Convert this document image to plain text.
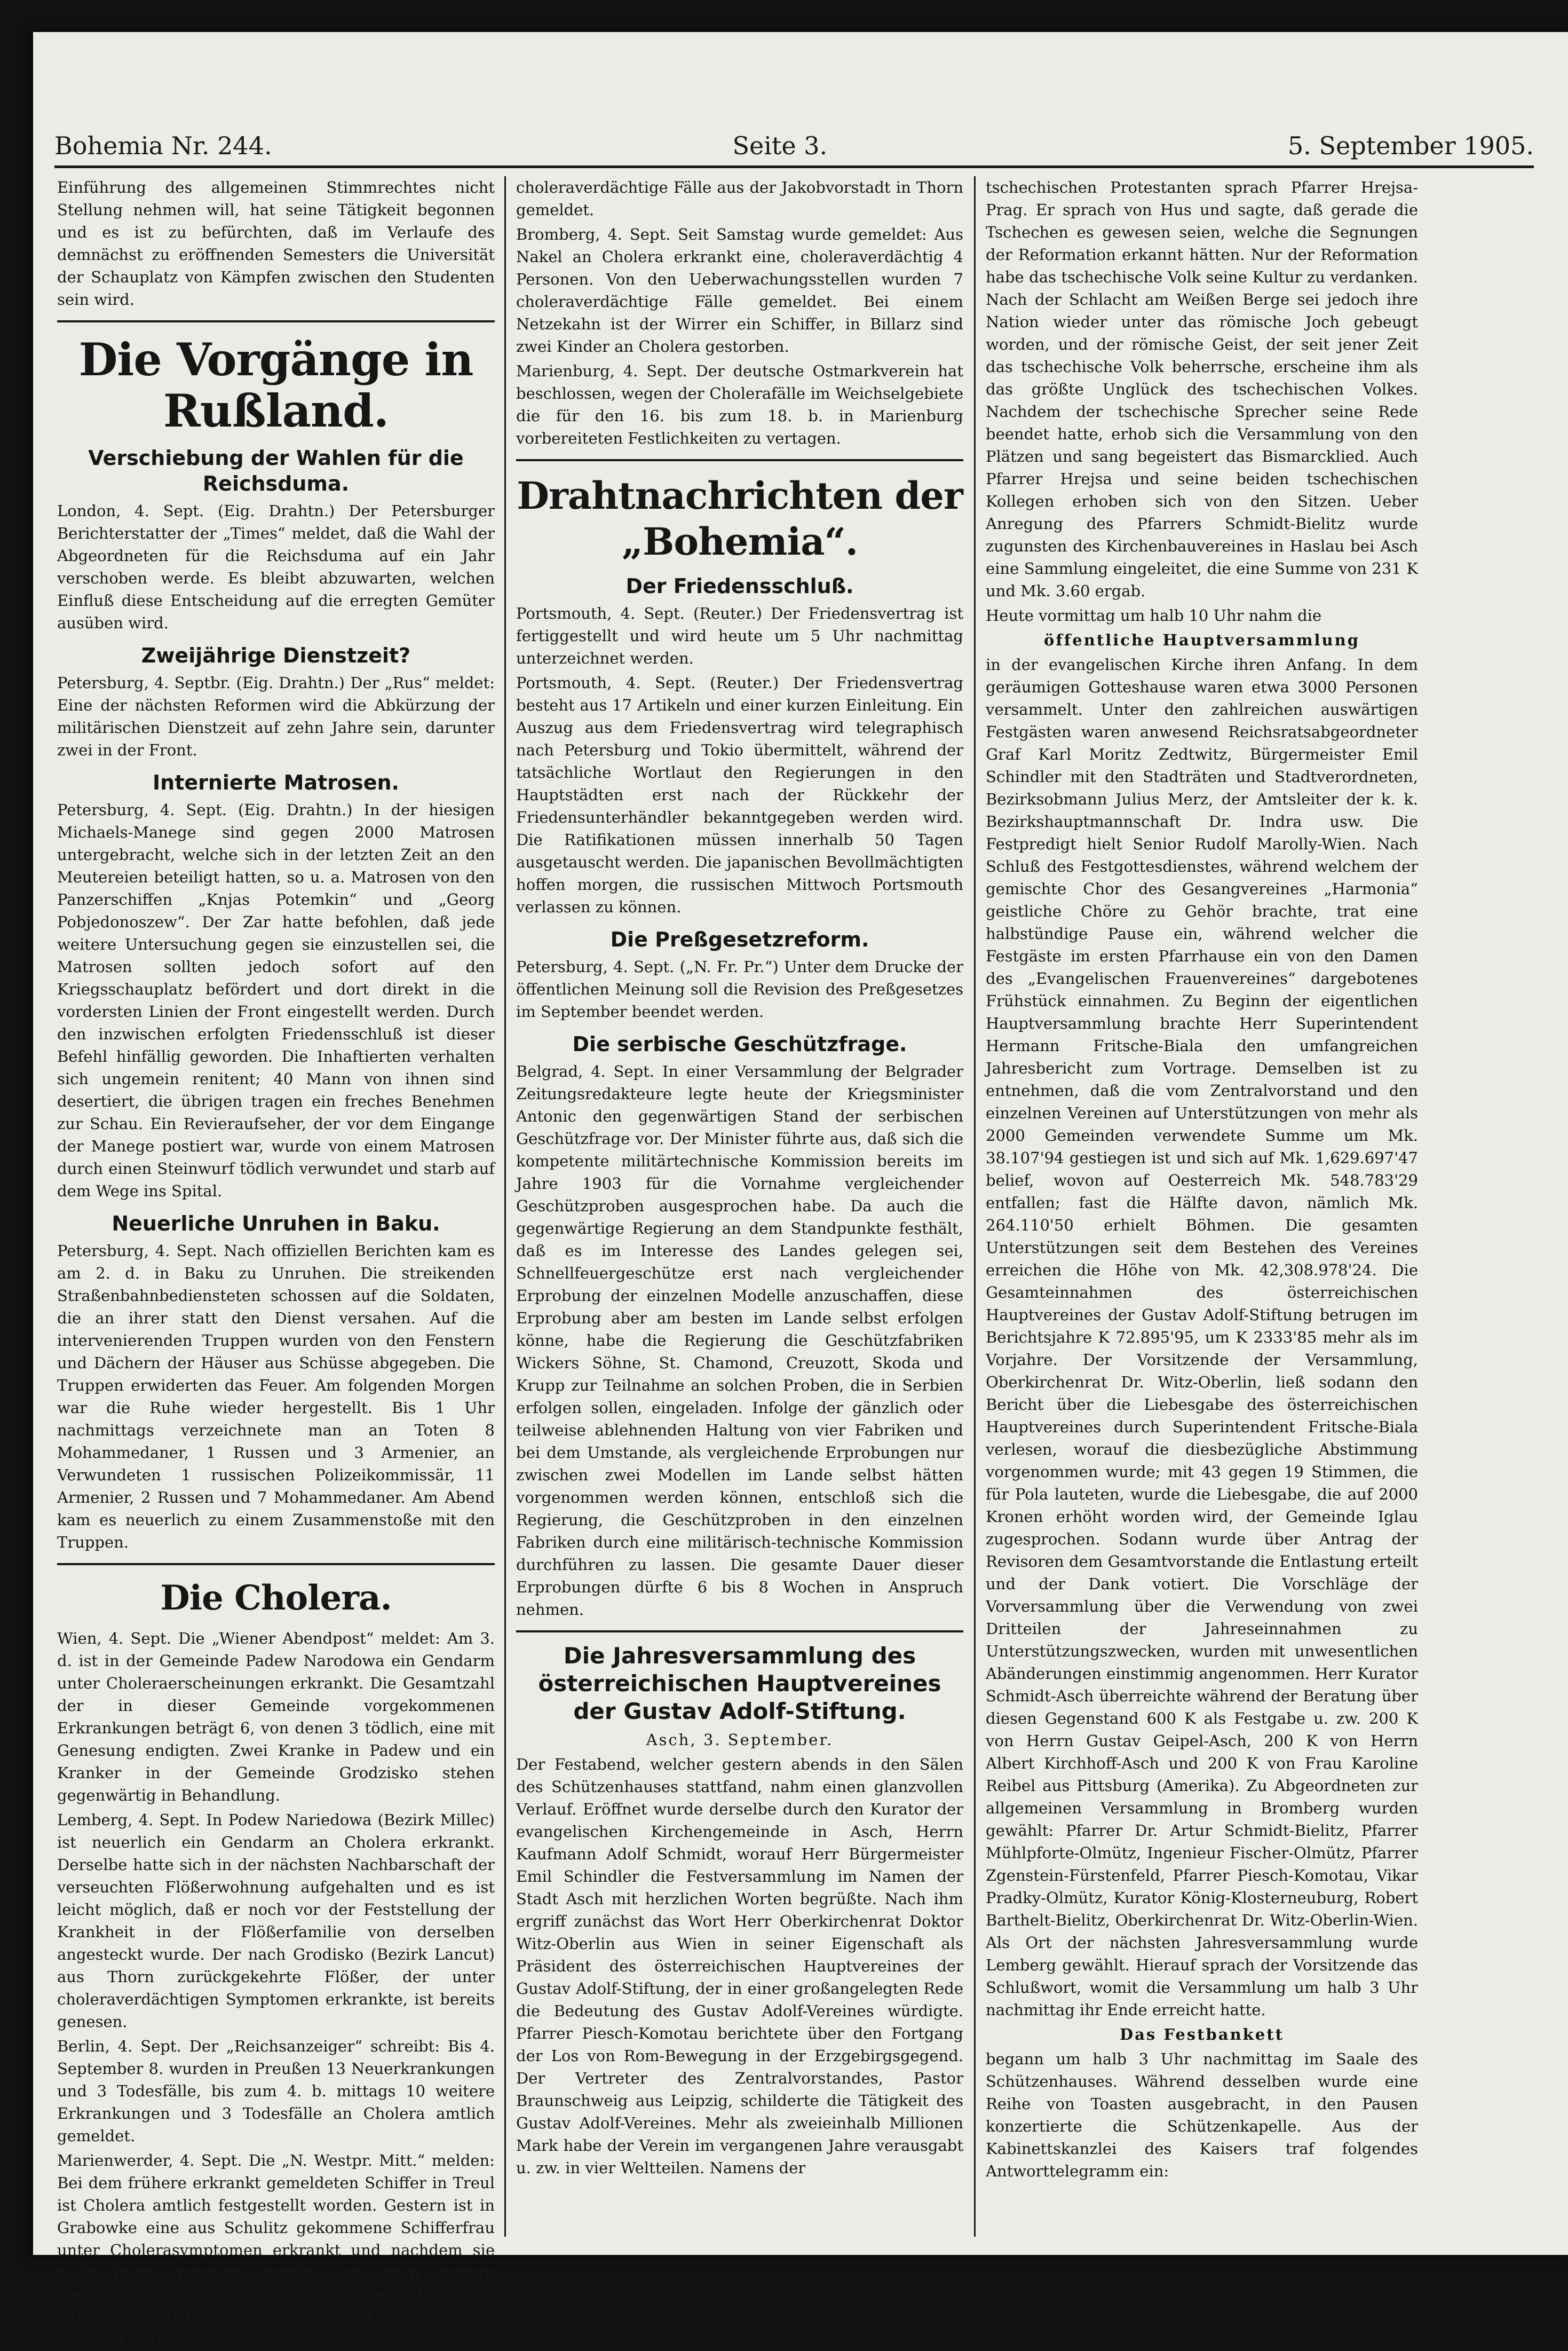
Bohemia Nr. 244.	Seite 3.	5. September 1905.

Einführung des allgemeinen Stimmrechtes nicht Stellung nehmen will, hat seine Tätigkeit begonnen und es ist zu befürchten, daß im Verlaufe des demnächst zu eröffnenden Semesters die Universität der Schauplatz von Kämpfen zwischen den Studenten sein wird.

Die Vorgänge in Rußland.
Verschiebung der Wahlen für die Reichsduma.

London, 4. Sept. (Eig. Drahtn.) Der Petersburger Berichterstatter der „Times“ meldet, daß die Wahl der Abgeordneten für die Reichsduma auf ein Jahr verschoben werde. Es bleibt abzuwarten, welchen Einfluß diese Entscheidung auf die erregten Gemüter ausüben wird.

Zweijährige Dienstzeit?

Petersburg, 4. Septbr. (Eig. Drahtn.) Der „Rus“ meldet: Eine der nächsten Reformen wird die Abkürzung der militärischen Dienstzeit auf zehn Jahre sein, darunter zwei in der Front.

Internierte Matrosen.

Petersburg, 4. Sept. (Eig. Drahtn.) In der hiesigen Michaels-Manege sind gegen 2000 Matrosen untergebracht, welche sich in der letzten Zeit an den Meutereien beteiligt hatten, so u. a. Matrosen von den Panzerschiffen „Knjas Potemkin“ und „Georg Pobjedonoszew“. Der Zar hatte befohlen, daß jede weitere Untersuchung gegen sie einzustellen sei, die Matrosen sollten jedoch sofort auf den Kriegsschauplatz befördert und dort direkt in die vordersten Linien der Front eingestellt werden. Durch den inzwischen erfolgten Friedensschluß ist dieser Befehl hinfällig geworden. Die Inhaftierten verhalten sich ungemein renitent; 40 Mann von ihnen sind desertiert, die übrigen tragen ein freches Benehmen zur Schau. Ein Revieraufseher, der vor dem Eingange der Manege postiert war, wurde von einem Matrosen durch einen Steinwurf tödlich verwundet und starb auf dem Wege ins Spital.

Neuerliche Unruhen in Baku.

Petersburg, 4. Sept. Nach offiziellen Berichten kam es am 2. d. in Baku zu Unruhen. Die streikenden Straßenbahnbediensteten schossen auf die Soldaten, die an ihrer statt den Dienst versahen. Auf die intervenierenden Truppen wurden von den Fenstern und Dächern der Häuser aus Schüsse abgegeben. Die Truppen erwiderten das Feuer. Am folgenden Morgen war die Ruhe wieder hergestellt. Bis 1 Uhr nachmittags verzeichnete man an Toten 8 Mohammedaner, 1 Russen und 3 Armenier, an Verwundeten 1 russischen Polizeikommissär, 11 Armenier, 2 Russen und 7 Mohammedaner. Am Abend kam es neuerlich zu einem Zusammenstoße mit den Truppen.

Die Cholera.

Wien, 4. Sept. Die „Wiener Abendpost“ meldet: Am 3. d. ist in der Gemeinde Padew Narodowa ein Gendarm unter Choleraerscheinungen erkrankt. Die Gesamtzahl der in dieser Gemeinde vorgekommenen Erkrankungen beträgt 6, von denen 3 tödlich, eine mit Genesung endigten. Zwei Kranke in Padew und ein Kranker in der Gemeinde Grodzisko stehen gegenwärtig in Behandlung.

Lemberg, 4. Sept. In Podew Nariedowa (Bezirk Millec) ist neuerlich ein Gendarm an Cholera erkrankt. Derselbe hatte sich in der nächsten Nachbarschaft der verseuchten Flößerwohnung aufgehalten und es ist leicht möglich, daß er noch vor der Feststellung der Krankheit in der Flößerfamilie von derselben angesteckt wurde. Der nach Grodisko (Bezirk Lancut) aus Thorn zurückgekehrte Flößer, der unter choleraverdächtigen Symptomen erkrankte, ist bereits genesen.

Berlin, 4. Sept. Der „Reichsanzeiger“ schreibt: Bis 4. September 8. wurden in Preußen 13 Neuerkrankungen und 3 Todesfälle, bis zum 4. b. mittags 10 weitere Erkrankungen und 3 Todesfälle an Cholera amtlich gemeldet.

Marienwerder, 4. Sept. Die „N. Westpr. Mitt.“ melden: Bei dem frühere erkrankt gemeldeten Schiffer in Treul ist Cholera amtlich festgestellt worden. Gestern ist in Grabowke eine aus Schulitz gekommene Schifferfrau unter Cholerasymptomen erkrankt und nachdem sie nach Thorn gebracht worden war, noch gestern gestorben. In Mocker bei Thorn ist gestern abends ein 14jähriges Mädchen unter Verdacht von Cholera erkrankt. Außerdem wurden zwei

choleraverdächtige Fälle aus der Jakobvorstadt in Thorn gemeldet.

Bromberg, 4. Sept. Seit Samstag wurde gemeldet: Aus Nakel an Cholera erkrankt eine, choleraverdächtig 4 Personen. Von den Ueberwachungsstellen wurden 7 choleraverdächtige Fälle gemeldet. Bei einem Netzekahn ist der Wirrer ein Schiffer, in Billarz sind zwei Kinder an Cholera gestorben.

Marienburg, 4. Sept. Der deutsche Ostmarkverein hat beschlossen, wegen der Cholerafälle im Weichselgebiete die für den 16. bis zum 18. b. in Marienburg vorbereiteten Festlichkeiten zu vertagen.

Drahtnachrichten der „Bohemia“.
Der Friedensschluß.

Portsmouth, 4. Sept. (Reuter.) Der Friedensvertrag ist fertiggestellt und wird heute um 5 Uhr nachmittag unterzeichnet werden.

Portsmouth, 4. Sept. (Reuter.) Der Friedensvertrag besteht aus 17 Artikeln und einer kurzen Einleitung. Ein Auszug aus dem Friedensvertrag wird telegraphisch nach Petersburg und Tokio übermittelt, während der tatsächliche Wortlaut den Regierungen in den Hauptstädten erst nach der Rückkehr der Friedensunterhändler bekanntgegeben werden wird. Die Ratifikationen müssen innerhalb 50 Tagen ausgetauscht werden. Die japanischen Bevollmächtigten hoffen morgen, die russischen Mittwoch Portsmouth verlassen zu können.

Die Preßgesetzreform.

Petersburg, 4. Sept. („N. Fr. Pr.“) Unter dem Drucke der öffentlichen Meinung soll die Revision des Preßgesetzes im September beendet werden.

Die serbische Geschützfrage.

Belgrad, 4. Sept. In einer Versammlung der Belgrader Zeitungsredakteure legte heute der Kriegsminister Antonic den gegenwärtigen Stand der serbischen Geschützfrage vor. Der Minister führte aus, daß sich die kompetente militärtechnische Kommission bereits im Jahre 1903 für die Vornahme vergleichender Geschützproben ausgesprochen habe. Da auch die gegenwärtige Regierung an dem Standpunkte festhält, daß es im Interesse des Landes gelegen sei, Schnellfeuergeschütze erst nach vergleichender Erprobung der einzelnen Modelle anzuschaffen, diese Erprobung aber am besten im Lande selbst erfolgen könne, habe die Regierung die Geschützfabriken Wickers Söhne, St. Chamond, Creuzott, Skoda und Krupp zur Teilnahme an solchen Proben, die in Serbien erfolgen sollen, eingeladen. Infolge der gänzlich oder teilweise ablehnenden Haltung von vier Fabriken und bei dem Umstande, als vergleichende Erprobungen nur zwischen zwei Modellen im Lande selbst hätten vorgenommen werden können, entschloß sich die Regierung, die Geschützproben in den einzelnen Fabriken durch eine militärisch-technische Kommission durchführen zu lassen. Die gesamte Dauer dieser Erprobungen dürfte 6 bis 8 Wochen in Anspruch nehmen.

Die Jahresversammlung des österreichischen Hauptvereines der Gustav Adolf-Stiftung.

Asch, 3. September.

Der Festabend, welcher gestern abends in den Sälen des Schützenhauses stattfand, nahm einen glanzvollen Verlauf. Eröffnet wurde derselbe durch den Kurator der evangelischen Kirchengemeinde in Asch, Herrn Kaufmann Adolf Schmidt, worauf Herr Bürgermeister Emil Schindler die Festversammlung im Namen der Stadt Asch mit herzlichen Worten begrüßte. Nach ihm ergriff zunächst das Wort Herr Oberkirchenrat Doktor Witz-Oberlin aus Wien in seiner Eigenschaft als Präsident des österreichischen Hauptvereines der Gustav Adolf-Stiftung, der in einer großangelegten Rede die Bedeutung des Gustav Adolf-Vereines würdigte. Pfarrer Piesch-Komotau berichtete über den Fortgang der Los von Rom-Bewegung in der Erzgebirgsgegend. Der Vertreter des Zentralvorstandes, Pastor Braunschweig aus Leipzig, schilderte die Tätigkeit des Gustav Adolf-Vereines. Mehr als zweieinhalb Millionen Mark habe der Verein im vergangenen Jahre verausgabt u. zw. in vier Weltteilen. Namens der

tschechischen Protestanten sprach Pfarrer Hrejsa-Prag. Er sprach von Hus und sagte, daß gerade die Tschechen es gewesen seien, welche die Segnungen der Reformation erkannt hätten. Nur der Reformation habe das tschechische Volk seine Kultur zu verdanken. Nach der Schlacht am Weißen Berge sei jedoch ihre Nation wieder unter das römische Joch gebeugt worden, und der römische Geist, der seit jener Zeit das tschechische Volk beherrsche, erscheine ihm als das größte Unglück des tschechischen Volkes. Nachdem der tschechische Sprecher seine Rede beendet hatte, erhob sich die Versammlung von den Plätzen und sang begeistert das Bismarcklied. Auch Pfarrer Hrejsa und seine beiden tschechischen Kollegen erhoben sich von den Sitzen. Ueber Anregung des Pfarrers Schmidt-Bielitz wurde zugunsten des Kirchenbauvereines in Haslau bei Asch eine Sammlung eingeleitet, die eine Summe von 231 K und Mk. 3.60 ergab.

Heute vormittag um halb 10 Uhr nahm die

öffentliche Hauptversammlung

in der evangelischen Kirche ihren Anfang. In dem geräumigen Gotteshause waren etwa 3000 Personen versammelt. Unter den zahlreichen auswärtigen Festgästen waren anwesend Reichsratsabgeordneter Graf Karl Moritz Zedtwitz, Bürgermeister Emil Schindler mit den Stadträten und Stadtverordneten, Bezirksobmann Julius Merz, der Amtsleiter der k. k. Bezirkshauptmannschaft Dr. Indra usw. Die Festpredigt hielt Senior Rudolf Marolly-Wien. Nach Schluß des Festgottesdienstes, während welchem der gemischte Chor des Gesangvereines „Harmonia“ geistliche Chöre zu Gehör brachte, trat eine halbstündige Pause ein, während welcher die Festgäste im ersten Pfarrhause ein von den Damen des „Evangelischen Frauenvereines“ dargebotenes Frühstück einnahmen. Zu Beginn der eigentlichen Hauptversammlung brachte Herr Superintendent Hermann Fritsche-Biala den umfangreichen Jahresbericht zum Vortrage. Demselben ist zu entnehmen, daß die vom Zentralvorstand und den einzelnen Vereinen auf Unterstützungen von mehr als 2000 Gemeinden verwendete Summe um Mk. 38.107'94 gestiegen ist und sich auf Mk. 1,629.697'47 belief, wovon auf Oesterreich Mk. 548.783'29 entfallen; fast die Hälfte davon, nämlich Mk. 264.110'50 erhielt Böhmen. Die gesamten Unterstützungen seit dem Bestehen des Vereines erreichen die Höhe von Mk. 42,308.978'24. Die Gesamteinnahmen des österreichischen Hauptvereines der Gustav Adolf-Stiftung betrugen im Berichtsjahre K 72.895'95, um K 2333'85 mehr als im Vorjahre. Der Vorsitzende der Versammlung, Oberkirchenrat Dr. Witz-Oberlin, ließ sodann den Bericht über die Liebesgabe des österreichischen Hauptvereines durch Superintendent Fritsche-Biala verlesen, worauf die diesbezügliche Abstimmung vorgenommen wurde; mit 43 gegen 19 Stimmen, die für Pola lauteten, wurde die Liebesgabe, die auf 2000 Kronen erhöht worden wird, der Gemeinde Iglau zugesprochen. Sodann wurde über Antrag der Revisoren dem Gesamtvorstande die Entlastung erteilt und der Dank votiert. Die Vorschläge der Vorversammlung über die Verwendung von zwei Dritteilen der Jahreseinnahmen zu Unterstützungszwecken, wurden mit unwesentlichen Abänderungen einstimmig angenommen. Herr Kurator Schmidt-Asch überreichte während der Beratung über diesen Gegenstand 600 K als Festgabe u. zw. 200 K von Herrn Gustav Geipel-Asch, 200 K von Herrn Albert Kirchhoff-Asch und 200 K von Frau Karoline Reibel aus Pittsburg (Amerika). Zu Abgeordneten zur allgemeinen Versammlung in Bromberg wurden gewählt: Pfarrer Dr. Artur Schmidt-Bielitz, Pfarrer Mühlpforte-Olmütz, Ingenieur Fischer-Olmütz, Pfarrer Zgenstein-Fürstenfeld, Pfarrer Piesch-Komotau, Vikar Pradky-Olmütz, Kurator König-Klosterneuburg, Robert Barthelt-Bielitz, Oberkirchenrat Dr. Witz-Oberlin-Wien. Als Ort der nächsten Jahresversammlung wurde Lemberg gewählt. Hierauf sprach der Vorsitzende das Schlußwort, womit die Versammlung um halb 3 Uhr nachmittag ihr Ende erreicht hatte.

Das Festbankett

begann um halb 3 Uhr nachmittag im Saale des Schützenhauses. Während desselben wurde eine Reihe von Toasten ausgebracht, in den Pausen konzertierte die Schützenkapelle. Aus der Kabinettskanzlei des Kaisers traf folgendes Antworttelegramm ein:
